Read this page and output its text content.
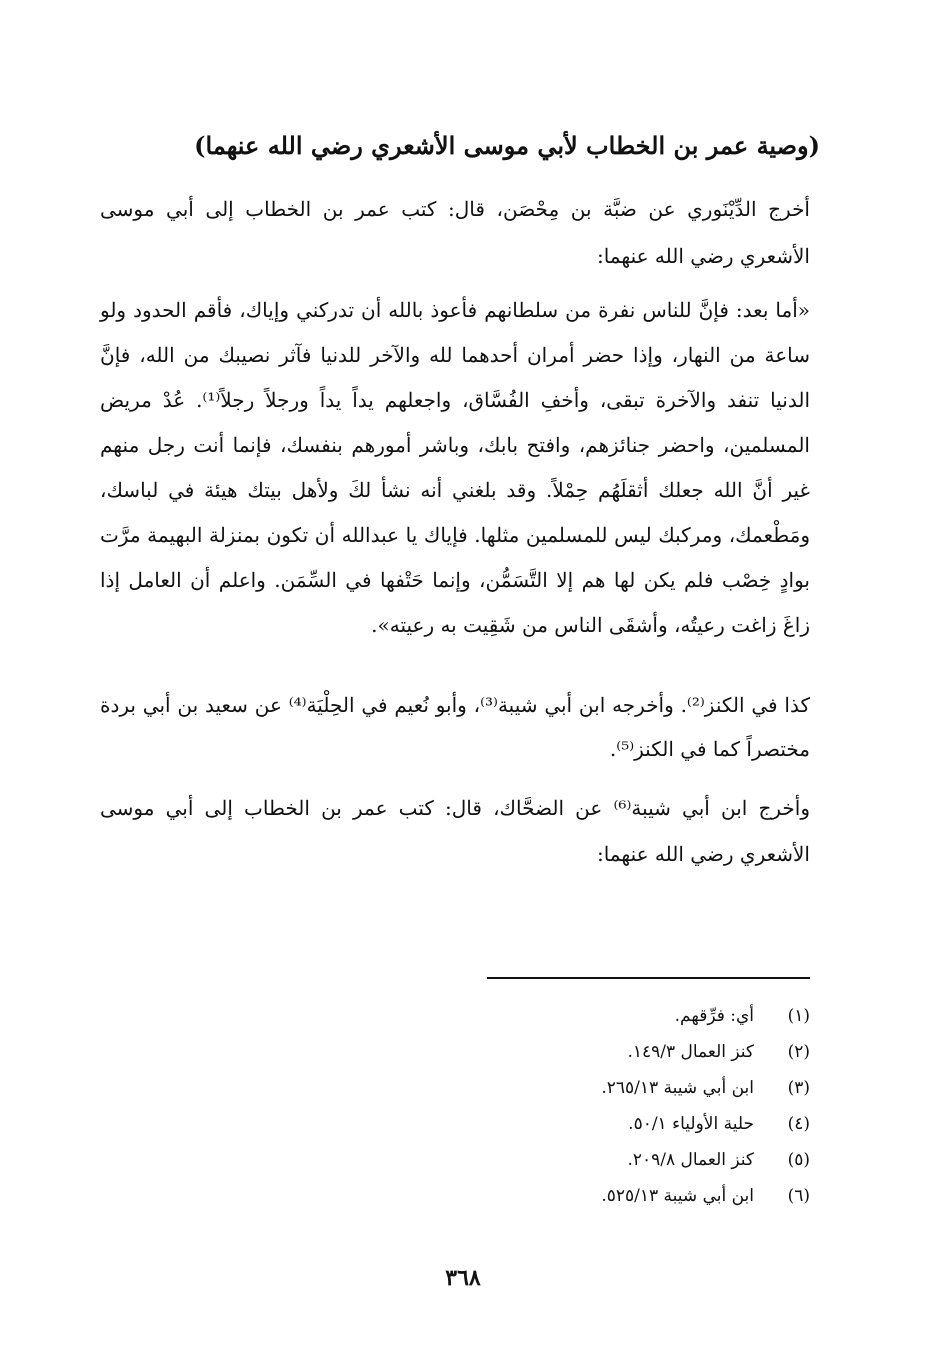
(وصية عمر بن الخطاب لأبي موسى الأشعري رضي الله عنهما)

أخرج الدِّيْنَوري عن ضبَّة بن مِحْصَن، قال: كتب عمر بن الخطاب إلى أبي موسى الأشعري رضي الله عنهما:

«أما بعد: فإنَّ للناس نفرة من سلطانهم فأعوذ بالله أن تدركني وإياك، فأقم الحدود ولو ساعة من النهار، وإذا حضر أمران أحدهما لله والآخر للدنيا فآثر نصيبك من الله، فإنَّ الدنيا تنفد والآخرة تبقى، وأخفِ الفُسَّاق، واجعلهم يداً يداً ورجلاً رجلاً⁽¹⁾. عُدْ مريض المسلمين، واحضر جنائزهم، وافتح بابك، وباشر أمورهم بنفسك، فإنما أنت رجل منهم غير أنَّ الله جعلك أثقلَهُم حِمْلاً. وقد بلغني أنه نشأ لكَ ولأهل بيتك هيئة في لباسك، ومَطْعمك، ومركبك ليس للمسلمين مثلها. فإياك يا عبدالله أن تكون بمنزلة البهيمة مرَّت بوادٍ خِصْب فلم يكن لها هم إلا التَّسَمُّن، وإنما حَتْفها في السِّمَن. واعلم أن العامل إذا زاغَ زاغت رعيتُه، وأشقَى الناس من شَقِيت به رعيته».

كذا في الكنز⁽²⁾. وأخرجه ابن أبي شيبة⁽³⁾، وأبو نُعيم في الحِلْيَة⁽⁴⁾ عن سعيد بن أبي بردة مختصراً كما في الكنز⁽⁵⁾.

وأخرج ابن أبي شيبة⁽⁶⁾ عن الضحَّاك، قال: كتب عمر بن الخطاب إلى أبي موسى الأشعري رضي الله عنهما:

(١)
أي: فرِّقهم.
(٢)
كنز العمال ١٤٩/٣.
(٣)
ابن أبي شيبة ٢٦٥/١٣.
(٤)
حلية الأولياء ٥٠/١.
(٥)
كنز العمال ٢٠٩/٨.
(٦)
ابن أبي شيبة ٥٢٥/١٣.
٣٦٨
